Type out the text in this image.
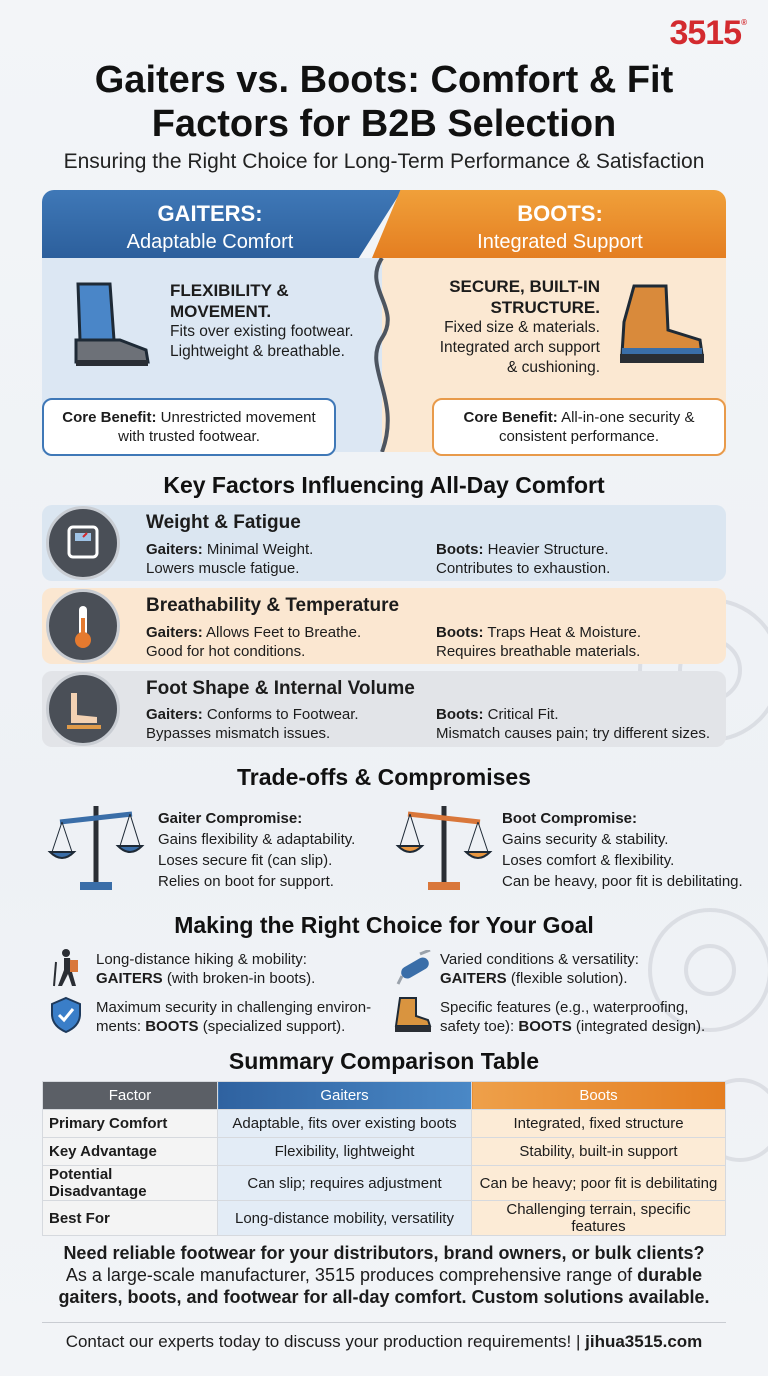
3515®
Gaiters vs. Boots: Comfort & Fit
Factors for B2B Selection
Ensuring the Right Choice for Long-Term Performance & Satisfaction
GAITERS:
Adaptable Comfort
BOOTS:
Integrated Support
FLEXIBILITY &
MOVEMENT.
Fits over existing footwear.
Lightweight & breathable.
SECURE, BUILT-IN
STRUCTURE.
Fixed size & materials.
Integrated arch support
& cushioning.
Core Benefit: Unrestricted movement
with trusted footwear.
Core Benefit: All-in-one security &
consistent performance.
Key Factors Influencing All-Day Comfort
Weight & Fatigue
Gaiters: Minimal Weight.
Lowers muscle fatigue.
Boots: Heavier Structure.
Contributes to exhaustion.
Breathability & Temperature
Gaiters: Allows Feet to Breathe.
Good for hot conditions.
Boots: Traps Heat & Moisture.
Requires breathable materials.
Foot Shape & Internal Volume
Gaiters: Conforms to Footwear.
Bypasses mismatch issues.
Boots: Critical Fit.
Mismatch causes pain; try different sizes.
Trade-offs & Compromises
Gaiter Compromise:
Gains flexibility & adaptability.
Loses secure fit (can slip).
Relies on boot for support.
Boot Compromise:
Gains security & stability.
Loses comfort & flexibility.
Can be heavy, poor fit is debilitating.
Making the Right Choice for Your Goal
Long-distance hiking & mobility:
GAITERS (with broken-in boots).
Varied conditions & versatility:
GAITERS (flexible solution).
Maximum security in challenging environ-
ments: BOOTS (specialized support).
Specific features (e.g., waterproofing,
safety toe): BOOTS (integrated design).
Summary Comparison Table
Factor	Gaiters	Boots
Primary Comfort	Adaptable, fits over existing boots	Integrated, fixed structure
Key Advantage	Flexibility, lightweight	Stability, built-in support
Potential Disadvantage	Can slip; requires adjustment	Can be heavy; poor fit is debilitating
Best For	Long-distance mobility, versatility	Challenging terrain, specific features
Need reliable footwear for your distributors, brand owners, or bulk clients?
As a large-scale manufacturer, 3515 produces comprehensive range of durable
gaiters, boots, and footwear for all-day comfort. Custom solutions available.
Contact our experts today to discuss your production requirements! | jihua3515.com
